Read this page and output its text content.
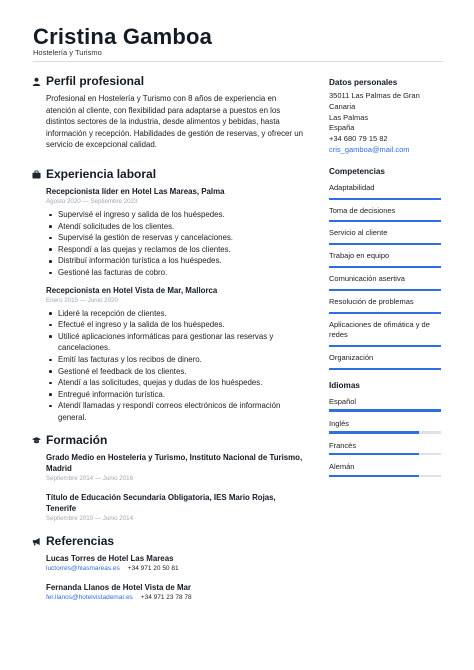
Cristina Gamboa
Hostelería y Turismo
Perfil profesional
Profesional en Hostelería y Turismo con 8 años de experiencia en atención al cliente, con flexibilidad para adaptarse a puestos en los distintos sectores de la industria, desde alimentos y bebidas, hasta información y recepción. Habilidades de gestión de reservas, y ofrecer un servicio de excepcional calidad.
Experiencia laboral
Recepcionista líder en Hotel Las Mareas, Palma
Agosto 2020 — Septiembre 2023
Supervisé el ingreso y salida de los huéspedes.
Atendí solicitudes de los clientes.
Supervisé la gestión de reservas y cancelaciones.
Respondí a las quejas y reclamos de los clientes.
Distribuí información turística a los huéspedes.
Gestioné las facturas de cobro.
Recepcionista en Hotel Vista de Mar, Mallorca
Enero 2015 — Junio 2020
Lideré la recepción de clientes.
Efectué el ingreso y la salida de los huéspedes.
Utilicé aplicaciones informáticas para gestionar las reservas y cancelaciones.
Emití las facturas y los recibos de dinero.
Gestioné el feedback de los clientes.
Atendí a las solicitudes, quejas y dudas de los huéspedes.
Entregué información turística.
Atendí llamadas y respondí correos electrónicos de información general.
Formación
Grado Medio en Hostelería y Turismo, Instituto Nacional de Turismo, Madrid
Septiembre 2014 — Junio 2016
Título de Educación Secundaria Obligatoria, IES Mario Rojas, Tenerife
Septiembre 2010 — Junio 2014
Referencias
Lucas Torres de Hotel Las Mareas
luctorres@hlasmareas.es +34 971 20 50 81
Fernanda Llanos de Hotel Vista de Mar
fer.llanos@hotelvistademar.es +34 971 23 78 78
Datos personales
35011 Las Palmas de Gran
Canaria
Las Palmas
España
+34 680 79 15 82
cris_gamboa@mail.com
Competencias
Adaptabilidad
Toma de decisiones
Servicio al cliente
Trabajo en equipo
Comunicación asertiva
Resolución de problemas
Aplicaciones de ofimática y de redes
Organización
Idiomas
Español
Inglés
Francés
Alemán
